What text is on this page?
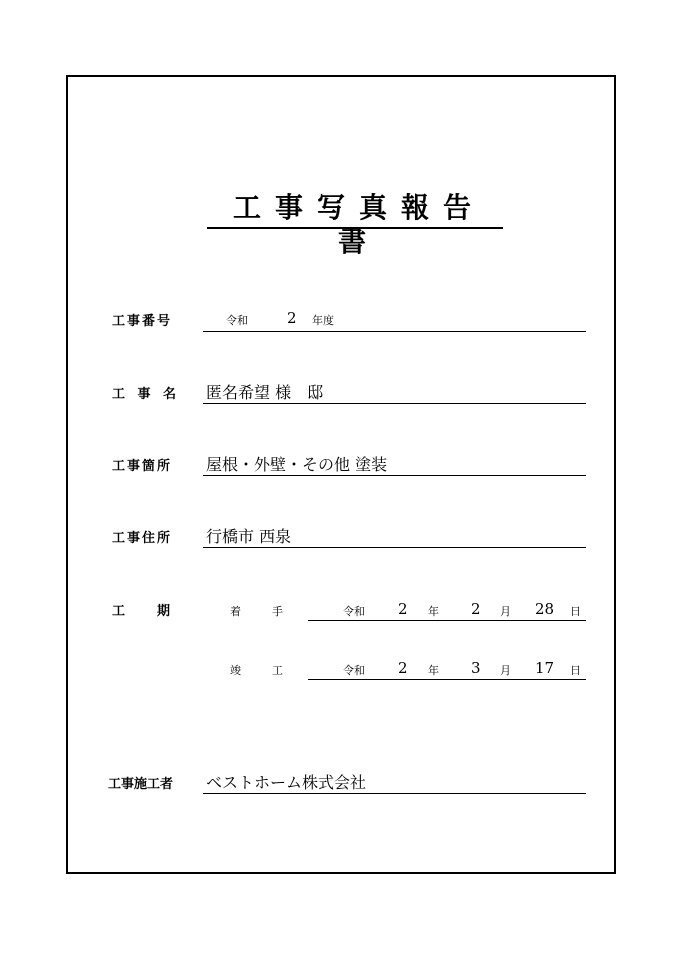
工事写真報告書
工事番号	令和	2 年度
工 事 名 匿名希望 様　邸
工事箇所 屋根・外壁・その他 塗装
工事住所 行橋市 西泉
工　　期	着　手	令和 2 年 2 月 28 日
竣　工	令和 2 年 3 月 17 日
工事施工者 ベストホーム株式会社
